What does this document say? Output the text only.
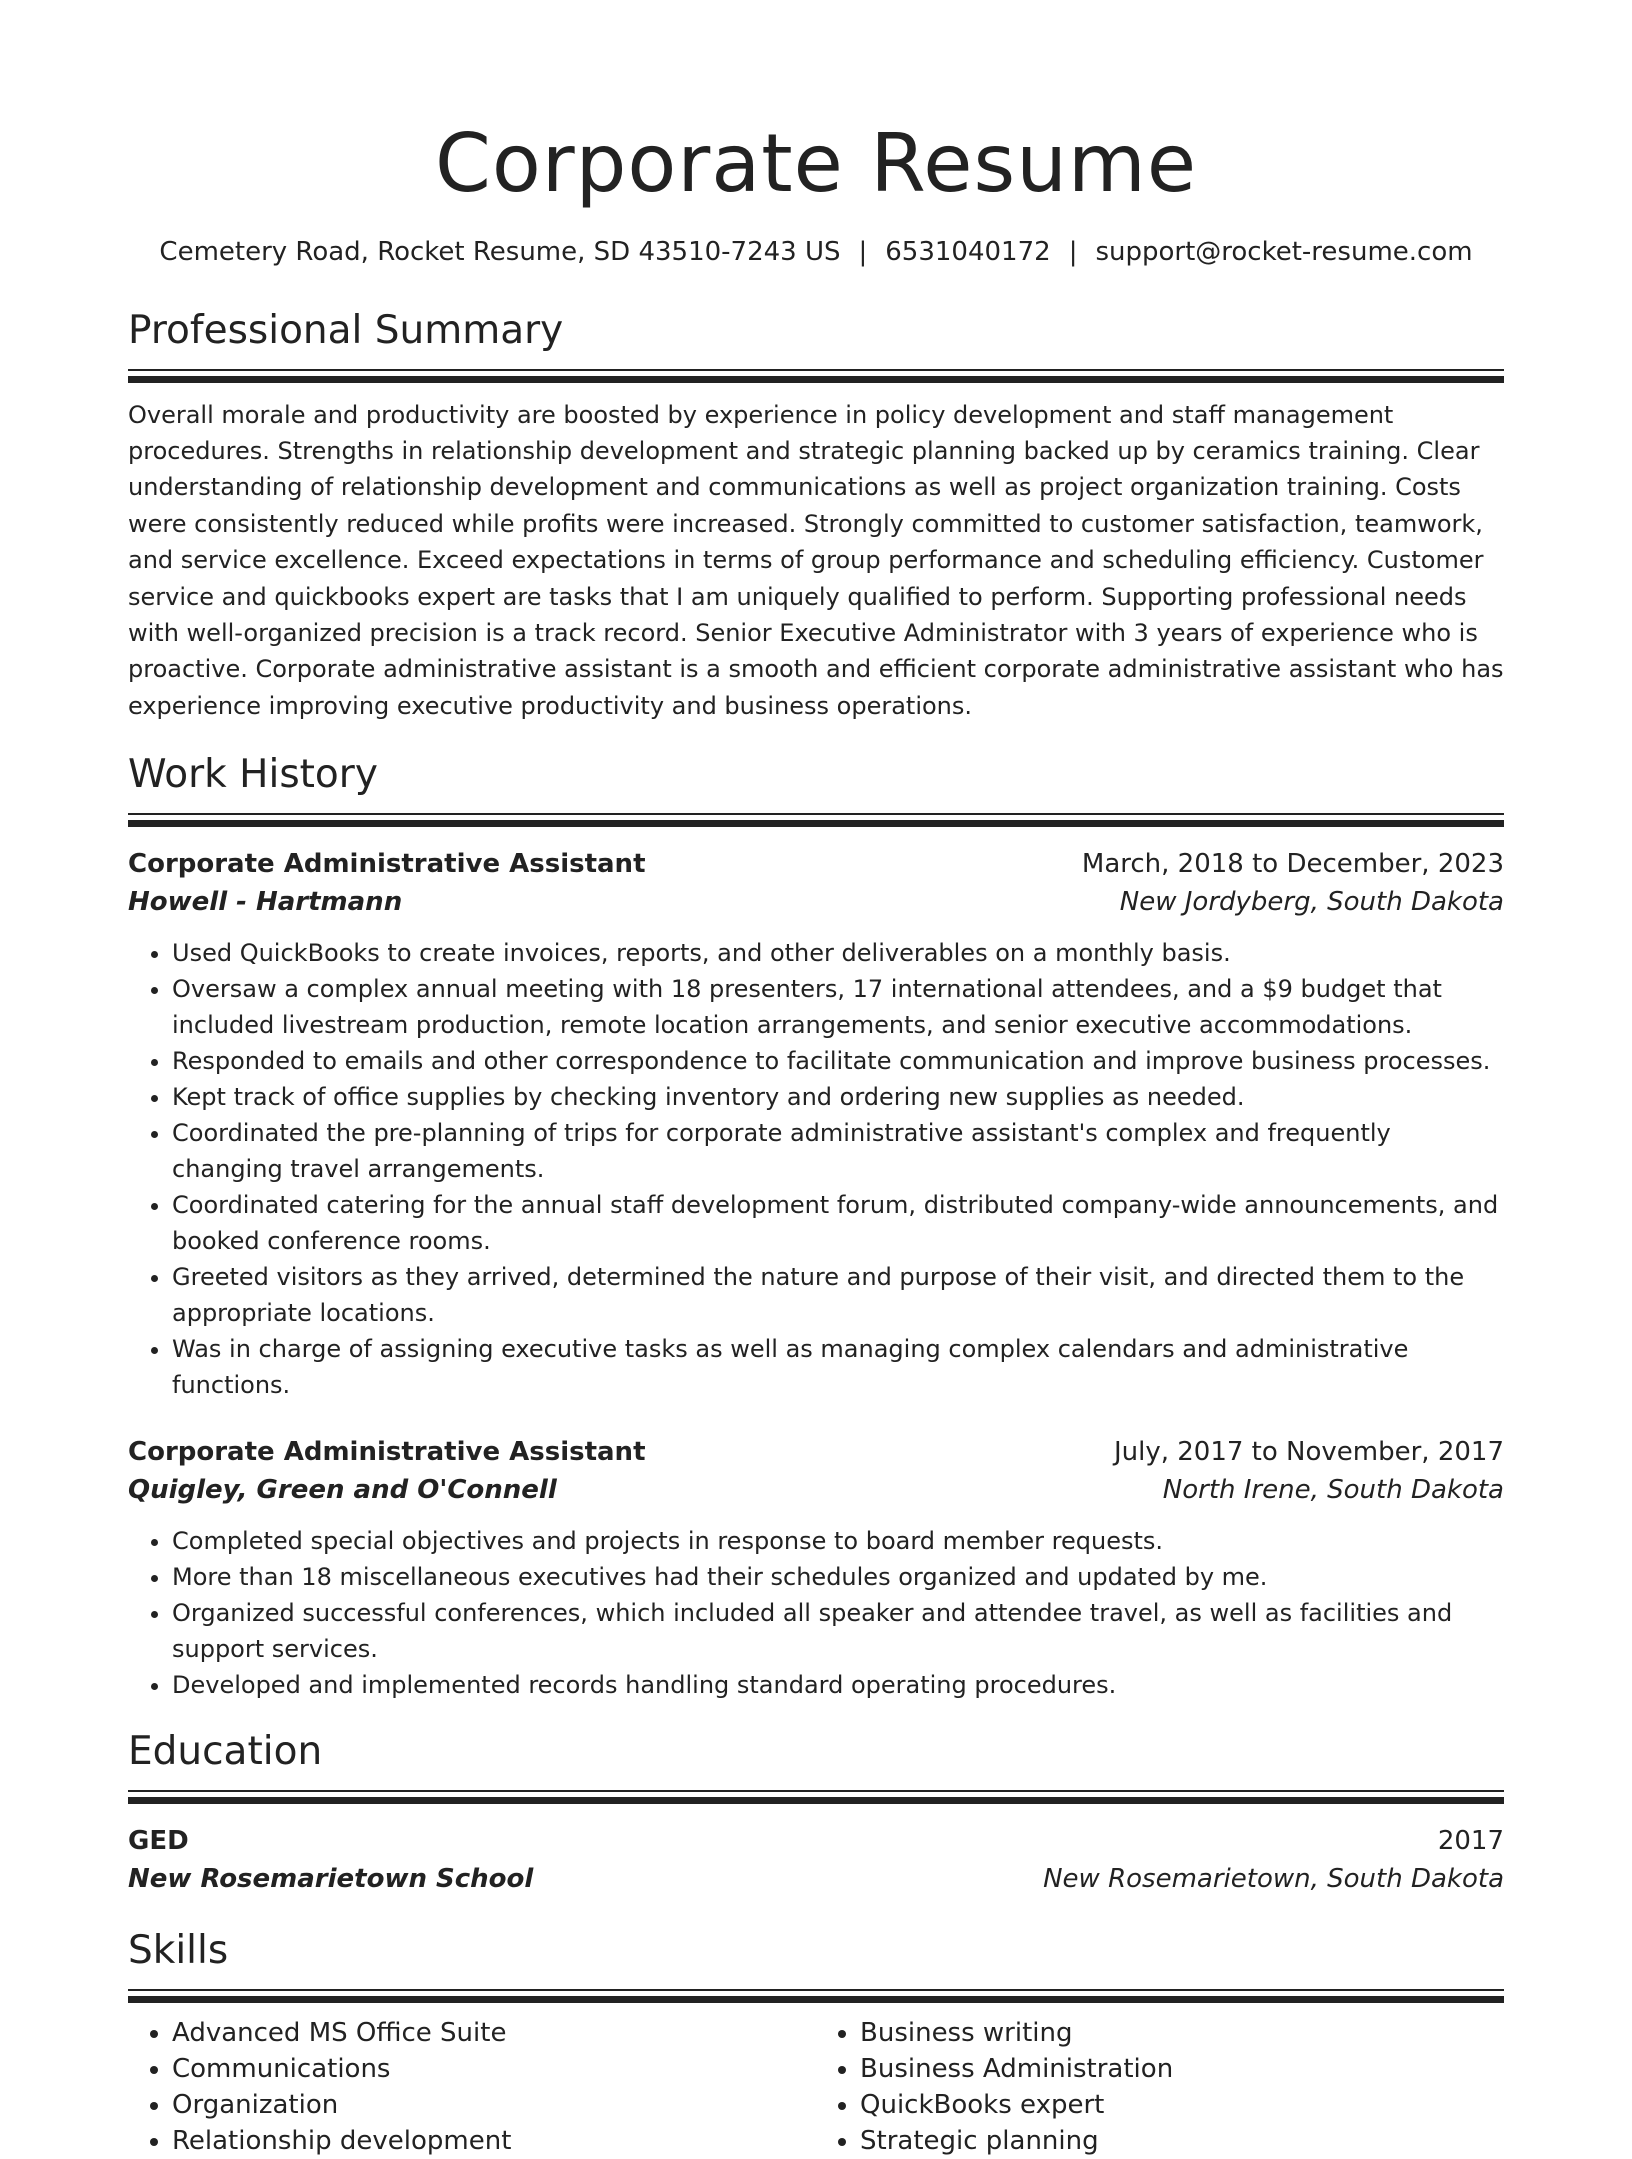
Corporate Resume
Cemetery Road, Rocket Resume, SD 43510-7243 US | 6531040172 | support@rocket-resume.com
Professional Summary

Overall morale and productivity are boosted by experience in policy development and staff management procedures. Strengths in relationship development and strategic planning backed up by ceramics training. Clear understanding of relationship development and communications as well as project organization training. Costs were consistently reduced while profits were increased. Strongly committed to customer satisfaction, teamwork, and service excellence. Exceed expectations in terms of group performance and scheduling efficiency. Customer service and quickbooks expert are tasks that I am uniquely qualified to perform. Supporting professional needs with well-organized precision is a track record. Senior Executive Administrator with 3 years of experience who is proactive. Corporate administrative assistant is a smooth and efficient corporate administrative assistant who has experience improving executive productivity and business operations.

Work History
Corporate Administrative Assistant	March, 2018 to December, 2023
Howell - Hartmann	New Jordyberg, South Dakota
• Used QuickBooks to create invoices, reports, and other deliverables on a monthly basis.
• Oversaw a complex annual meeting with 18 presenters, 17 international attendees, and a $9 budget that included livestream production, remote location arrangements, and senior executive accommodations.
• Responded to emails and other correspondence to facilitate communication and improve business processes.
• Kept track of office supplies by checking inventory and ordering new supplies as needed.
• Coordinated the pre-planning of trips for corporate administrative assistant's complex and frequently changing travel arrangements.
• Coordinated catering for the annual staff development forum, distributed company-wide announcements, and booked conference rooms.
• Greeted visitors as they arrived, determined the nature and purpose of their visit, and directed them to the appropriate locations.
• Was in charge of assigning executive tasks as well as managing complex calendars and administrative functions.
Corporate Administrative Assistant	July, 2017 to November, 2017
Quigley, Green and O'Connell	North Irene, South Dakota
• Completed special objectives and projects in response to board member requests.
• More than 18 miscellaneous executives had their schedules organized and updated by me.
• Organized successful conferences, which included all speaker and attendee travel, as well as facilities and support services.
• Developed and implemented records handling standard operating procedures.
Education
GED	2017
New Rosemarietown School	New Rosemarietown, South Dakota
Skills
• Advanced MS Office Suite
• Communications
• Organization
• Relationship development
• Business writing
• Business Administration
• QuickBooks expert
• Strategic planning
